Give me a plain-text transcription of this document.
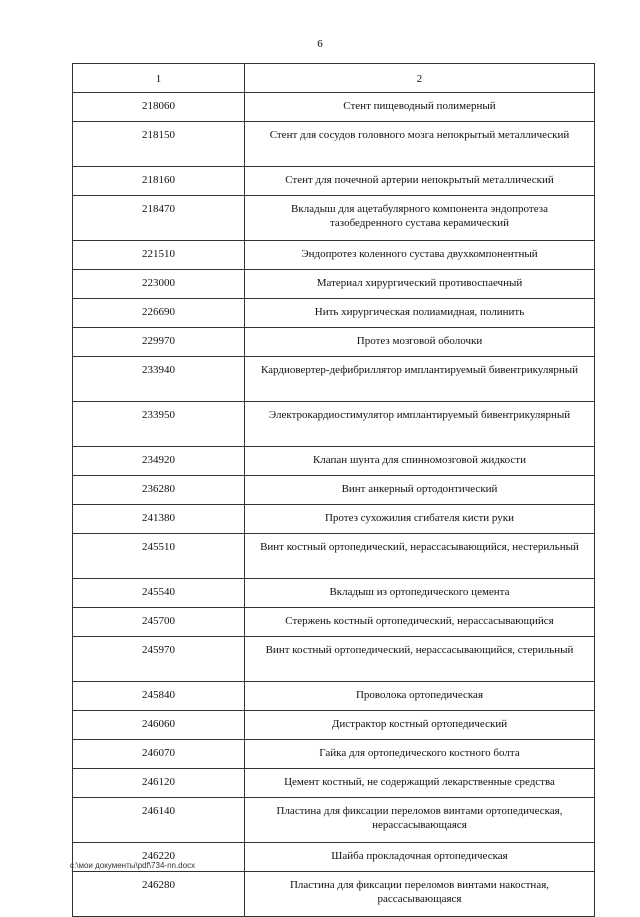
6
1	2
218060	Стент пищеводный полимерный
218150	Стент для сосудов головного мозга непокрытый металлический
218160	Стент для почечной артерии непокрытый металлический
218470	Вкладыш для ацетабулярного компонента эндопротеза тазобедренного сустава керамический
221510	Эндопротез коленного сустава двухкомпонентный
223000	Материал хирургический противоспаечный
226690	Нить хирургическая полиамидная, полинить
229970	Протез мозговой оболочки
233940	Кардиовертер-дефибриллятор имплантируемый бивентрикулярный
233950	Электрокардиостимулятор имплантируемый бивентрикулярный
234920	Клапан шунта для спинномозговой жидкости
236280	Винт анкерный ортодонтический
241380	Протез сухожилия сгибателя кисти руки
245510	Винт костный ортопедический, нерассасывающийся, нестерильный
245540	Вкладыш из ортопедического цемента
245700	Стержень костный ортопедический, нерассасывающийся
245970	Винт костный ортопедический, нерассасывающийся, стерильный
245840	Проволока ортопедическая
246060	Дистрактор костный ортопедический
246070	Гайка для ортопедического костного болта
246120	Цемент костный, не содержащий лекарственные средства
246140	Пластина для фиксации переломов винтами ортопедическая, нерассасывающаяся
246220	Шайба прокладочная ортопедическая
246280	Пластина для фиксации переломов винтами накостная, рассасывающаяся
c:\мои документы\pdf\734-nn.docx
